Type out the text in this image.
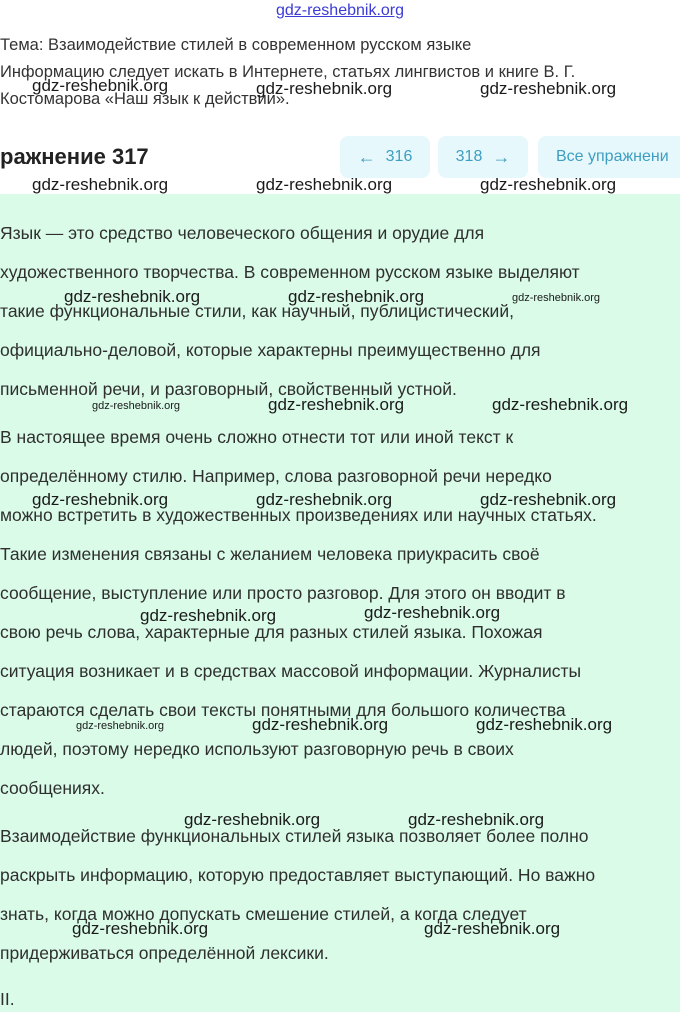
gdz-reshebnik.org
Тема: Взаимодействие стилей в современном русском языке
Информацию следует искать в Интернете, статьях лингвистов и книге В. Г.
Костомарова «Наш язык к действии».
ражнение 317	← 316	318 →	Все упражнени
Язык — это средство человеческого общения и орудие для
художественного творчества. В современном русском языке выделяют
такие функциональные стили, как научный, публицистический,
официально-деловой, которые характерны преимущественно для
письменной речи, и разговорный, свойственный устной.
В настоящее время очень сложно отнести тот или иной текст к
определённому стилю. Например, слова разговорной речи нередко
можно встретить в художественных произведениях или научных статьях.
Такие изменения связаны с желанием человека приукрасить своё
сообщение, выступление или просто разговор. Для этого он вводит в
свою речь слова, характерные для разных стилей языка. Похожая
ситуация возникает и в средствах массовой информации. Журналисты
стараются сделать свои тексты понятными для большого количества
людей, поэтому нередко используют разговорную речь в своих
сообщениях.
Взаимодействие функциональных стилей языка позволяет более полно
раскрыть информацию, которую предоставляет выступающий. Но важно
знать, когда можно допускать смешение стилей, а когда следует
придерживаться определённой лексики.
II.
gdz-reshebnik.org	gdz-reshebnik.org	gdz-reshebnik.org
gdz-reshebnik.org	gdz-reshebnik.org	gdz-reshebnik.org
gdz-reshebnik.org	gdz-reshebnik.org	gdz-reshebnik.org
gdz-reshebnik.org	gdz-reshebnik.org	gdz-reshebnik.org
gdz-reshebnik.org	gdz-reshebnik.org	gdz-reshebnik.org
gdz-reshebnik.org	gdz-reshebnik.org
gdz-reshebnik.org	gdz-reshebnik.org	gdz-reshebnik.org
gdz-reshebnik.org	gdz-reshebnik.org
gdz-reshebnik.org	gdz-reshebnik.org
